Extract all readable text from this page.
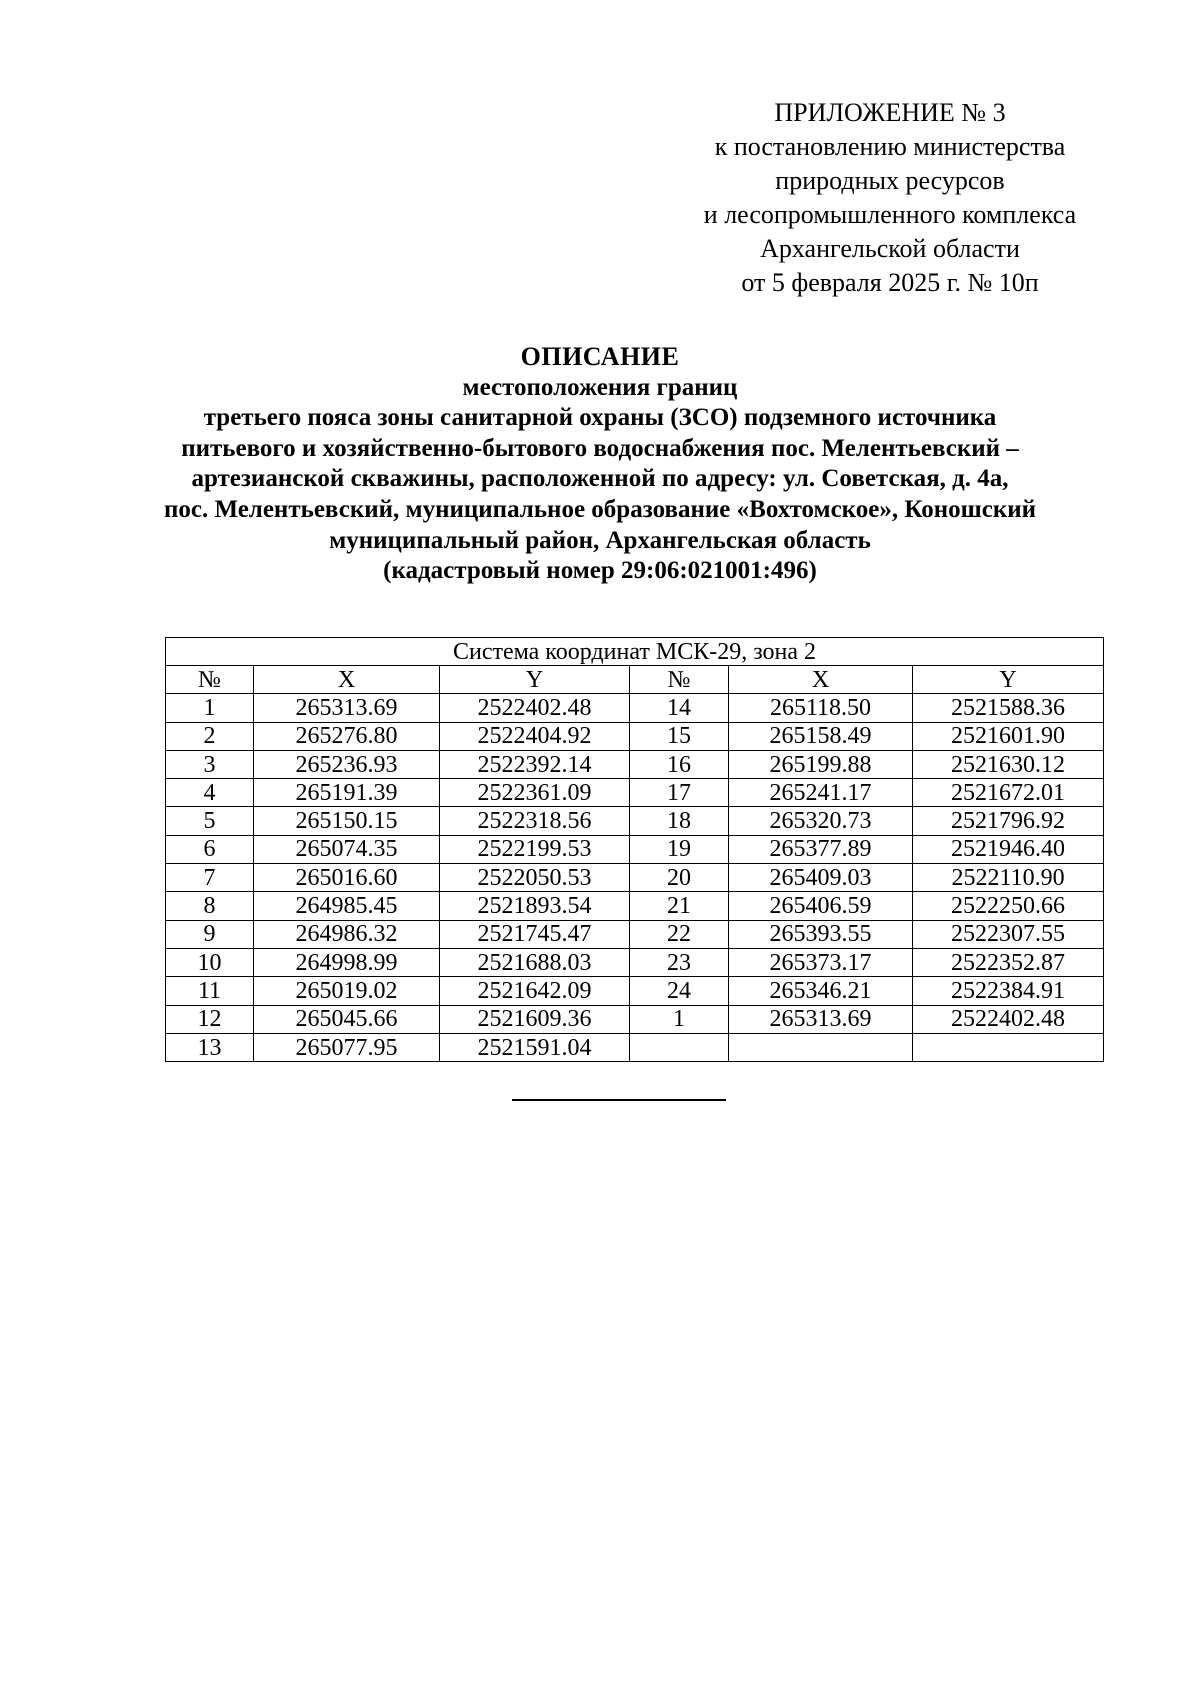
ПРИЛОЖЕНИЕ № 3
к постановлению министерства
природных ресурсов
и лесопромышленного комплекса
Архангельской области
от 5 февраля 2025 г. № 10п
ОПИСАНИЕ
местоположения границ
третьего пояса зоны санитарной охраны (ЗСО) подземного источника
питьевого и хозяйственно-бытового водоснабжения пос. Мелентьевский –
артезианской скважины, расположенной по адресу: ул. Советская, д. 4а,
пос. Мелентьевский, муниципальное образование «Вохтомское», Коношский
муниципальный район, Архангельская область
(кадастровый номер 29:06:021001:496)
Система координат МСК-29, зона 2					
№	X	Y	№	X	Y
1	265313.69	2522402.48	14	265118.50	2521588.36
2	265276.80	2522404.92	15	265158.49	2521601.90
3	265236.93	2522392.14	16	265199.88	2521630.12
4	265191.39	2522361.09	17	265241.17	2521672.01
5	265150.15	2522318.56	18	265320.73	2521796.92
6	265074.35	2522199.53	19	265377.89	2521946.40
7	265016.60	2522050.53	20	265409.03	2522110.90
8	264985.45	2521893.54	21	265406.59	2522250.66
9	264986.32	2521745.47	22	265393.55	2522307.55
10	264998.99	2521688.03	23	265373.17	2522352.87
11	265019.02	2521642.09	24	265346.21	2522384.91
12	265045.66	2521609.36	1	265313.69	2522402.48
13	265077.95	2521591.04			
